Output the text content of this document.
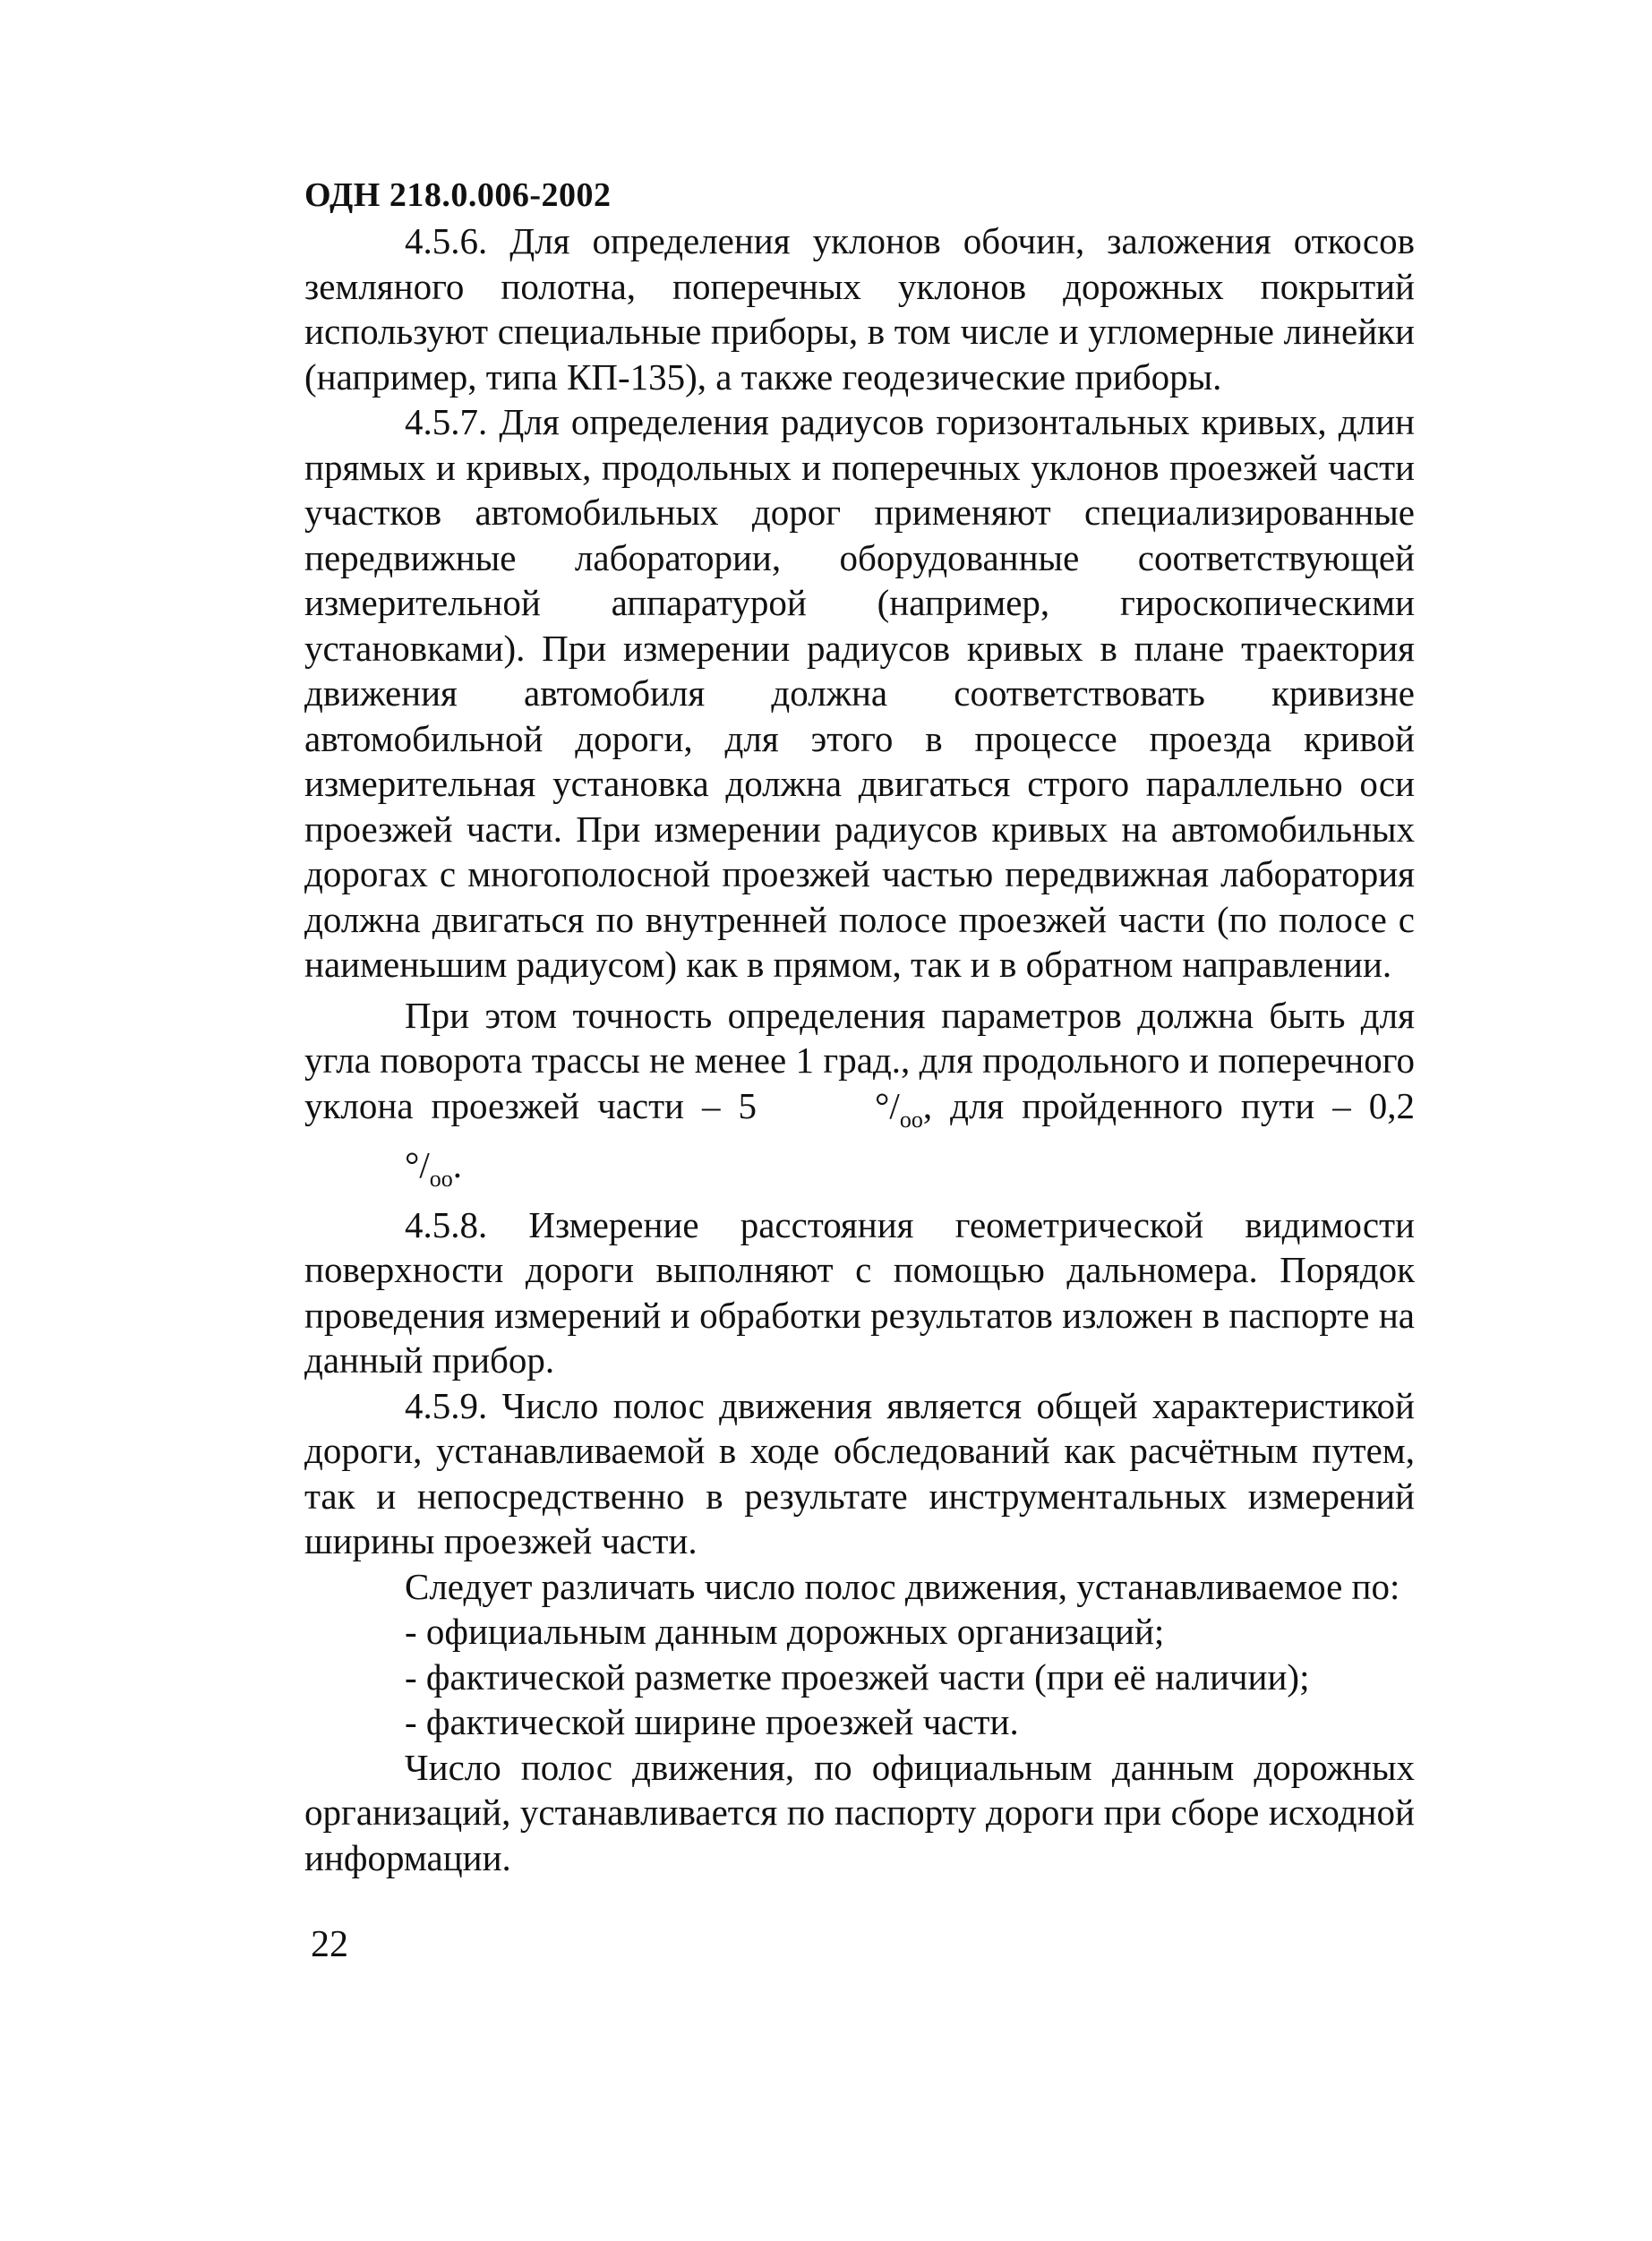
ОДН 218.0.006-2002

4.5.6. Для определения уклонов обочин, заложения откосов земляного полотна, поперечных уклонов дорожных покрытий используют специальные приборы, в том числе и угломерные линейки (например, типа КП-135), а также геодезические приборы.

4.5.7. Для определения радиусов горизонтальных кривых, длин прямых и кривых, продольных и поперечных уклонов проезжей части участков автомобильных дорог применяют специализированные передвижные лаборатории, оборудованные соответствующей измерительной аппаратурой (например, гироскопическими установками). При измерении радиусов кривых в плане траектория движения автомобиля должна соответствовать кривизне автомобильной дороги, для этого в процессе проезда кривой измерительная установка должна двигаться строго параллельно оси проезжей части. При измерении радиусов кривых на автомобильных дорогах с многополосной проезжей частью передвижная лаборатория должна двигаться по внутренней полосе проезжей части (по полосе с наименьшим радиусом) как в прямом, так и в обратном направлении.

При этом точность определения параметров должна быть для угла поворота трассы не менее 1 град., для продольного и поперечного уклона проезжей части – 5	$^\circ/_{оо}$, для пройденного пути – 0,2 $^\circ/_{оо}$.

4.5.8. Измерение расстояния геометрической видимости поверхности дороги выполняют с помощью дальномера. Порядок проведения измерений и обработки результатов изложен в паспорте на данный прибор.

4.5.9. Число полос движения является общей характеристикой дороги, устанавливаемой в ходе обследований как расчётным путем, так и непосредственно в результате инструментальных измерений ширины проезжей части.

Следует различать число полос движения, устанавливаемое по:

- официальным данным дорожных организаций;

- фактической разметке проезжей части (при её наличии);

- фактической ширине проезжей части.

Число полос движения, по официальным данным дорожных организаций, устанавливается по паспорту дороги при сборе исходной информации.

22
